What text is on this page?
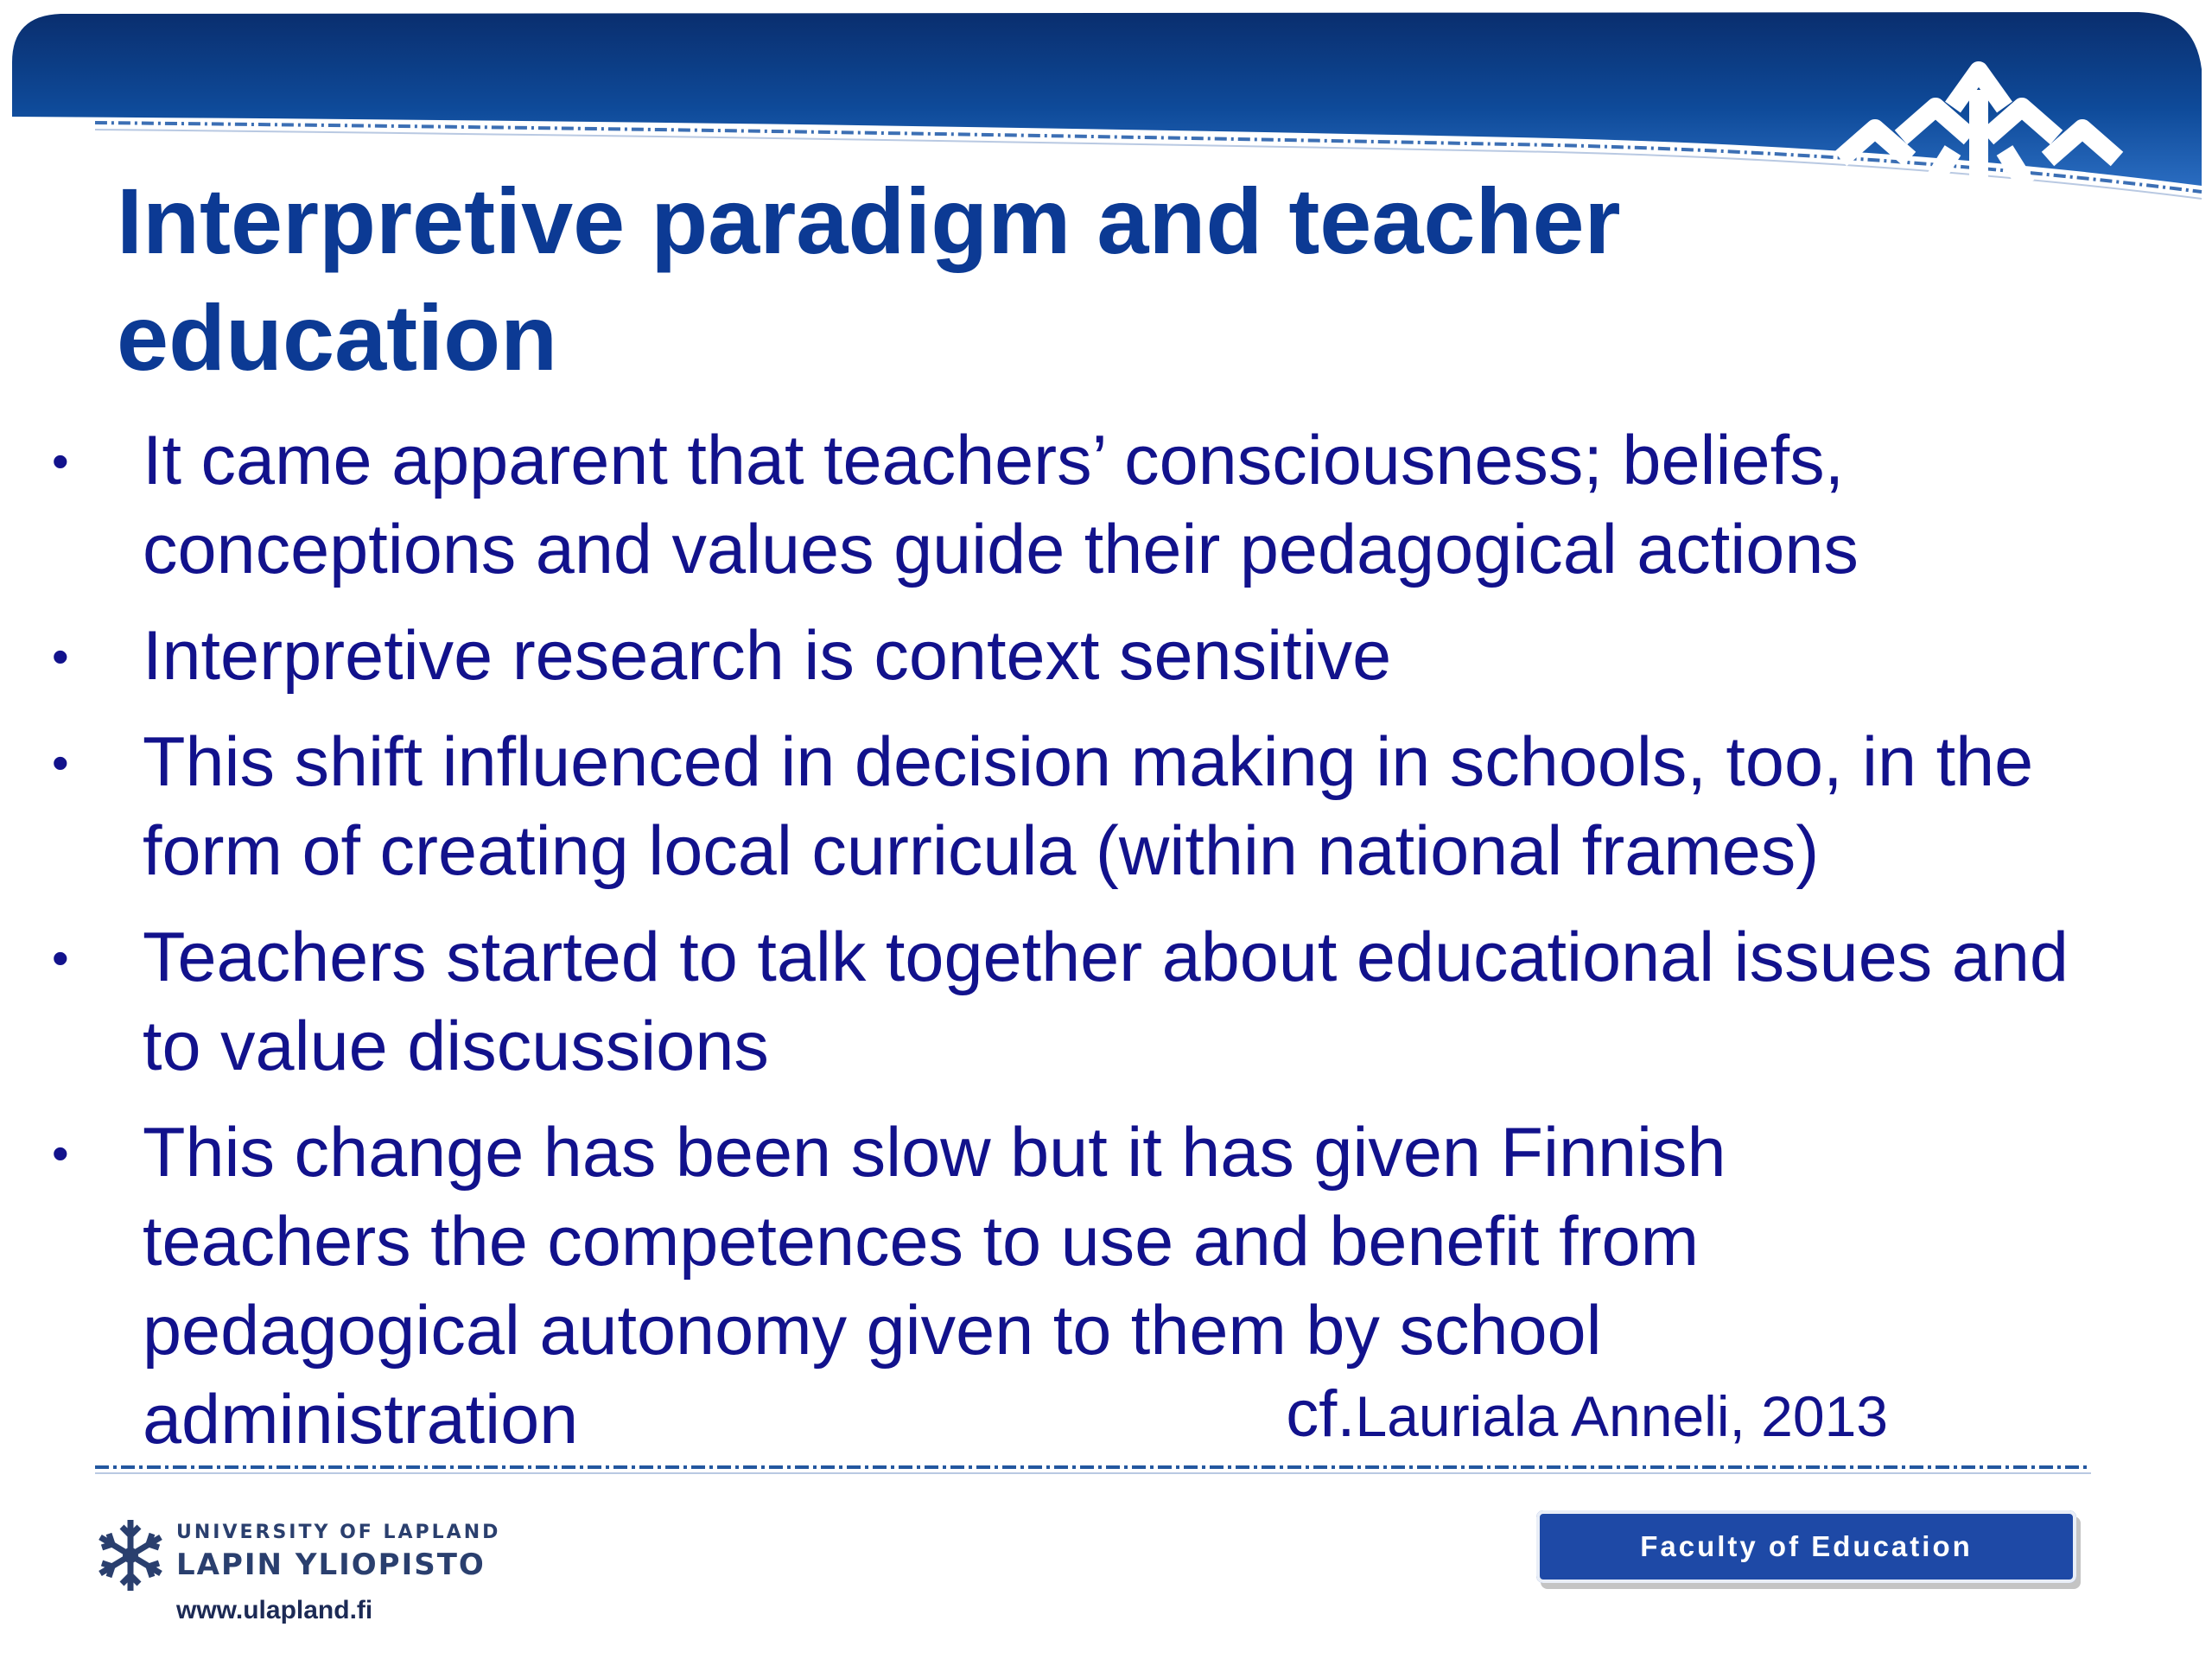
Interpretive paradigm and teacher education
•	It came apparent that teachers’ consciousness; beliefs, conceptions and values guide their pedagogical actions
•	Interpretive research is context sensitive
•	This shift influenced in decision making in schools, too, in the form of creating local curricula (within national frames)
•	Teachers started to talk together about educational issues and to value discussions
•	This change has been slow but it has given Finnish teachers the competences to use and benefit from pedagogical autonomy given to them by school administration	cf.Lauriala Anneli, 2013
UNIVERSITY OF LAPLAND
LAPIN YLIOPISTO
www.ulapland.fi
Faculty of Education
